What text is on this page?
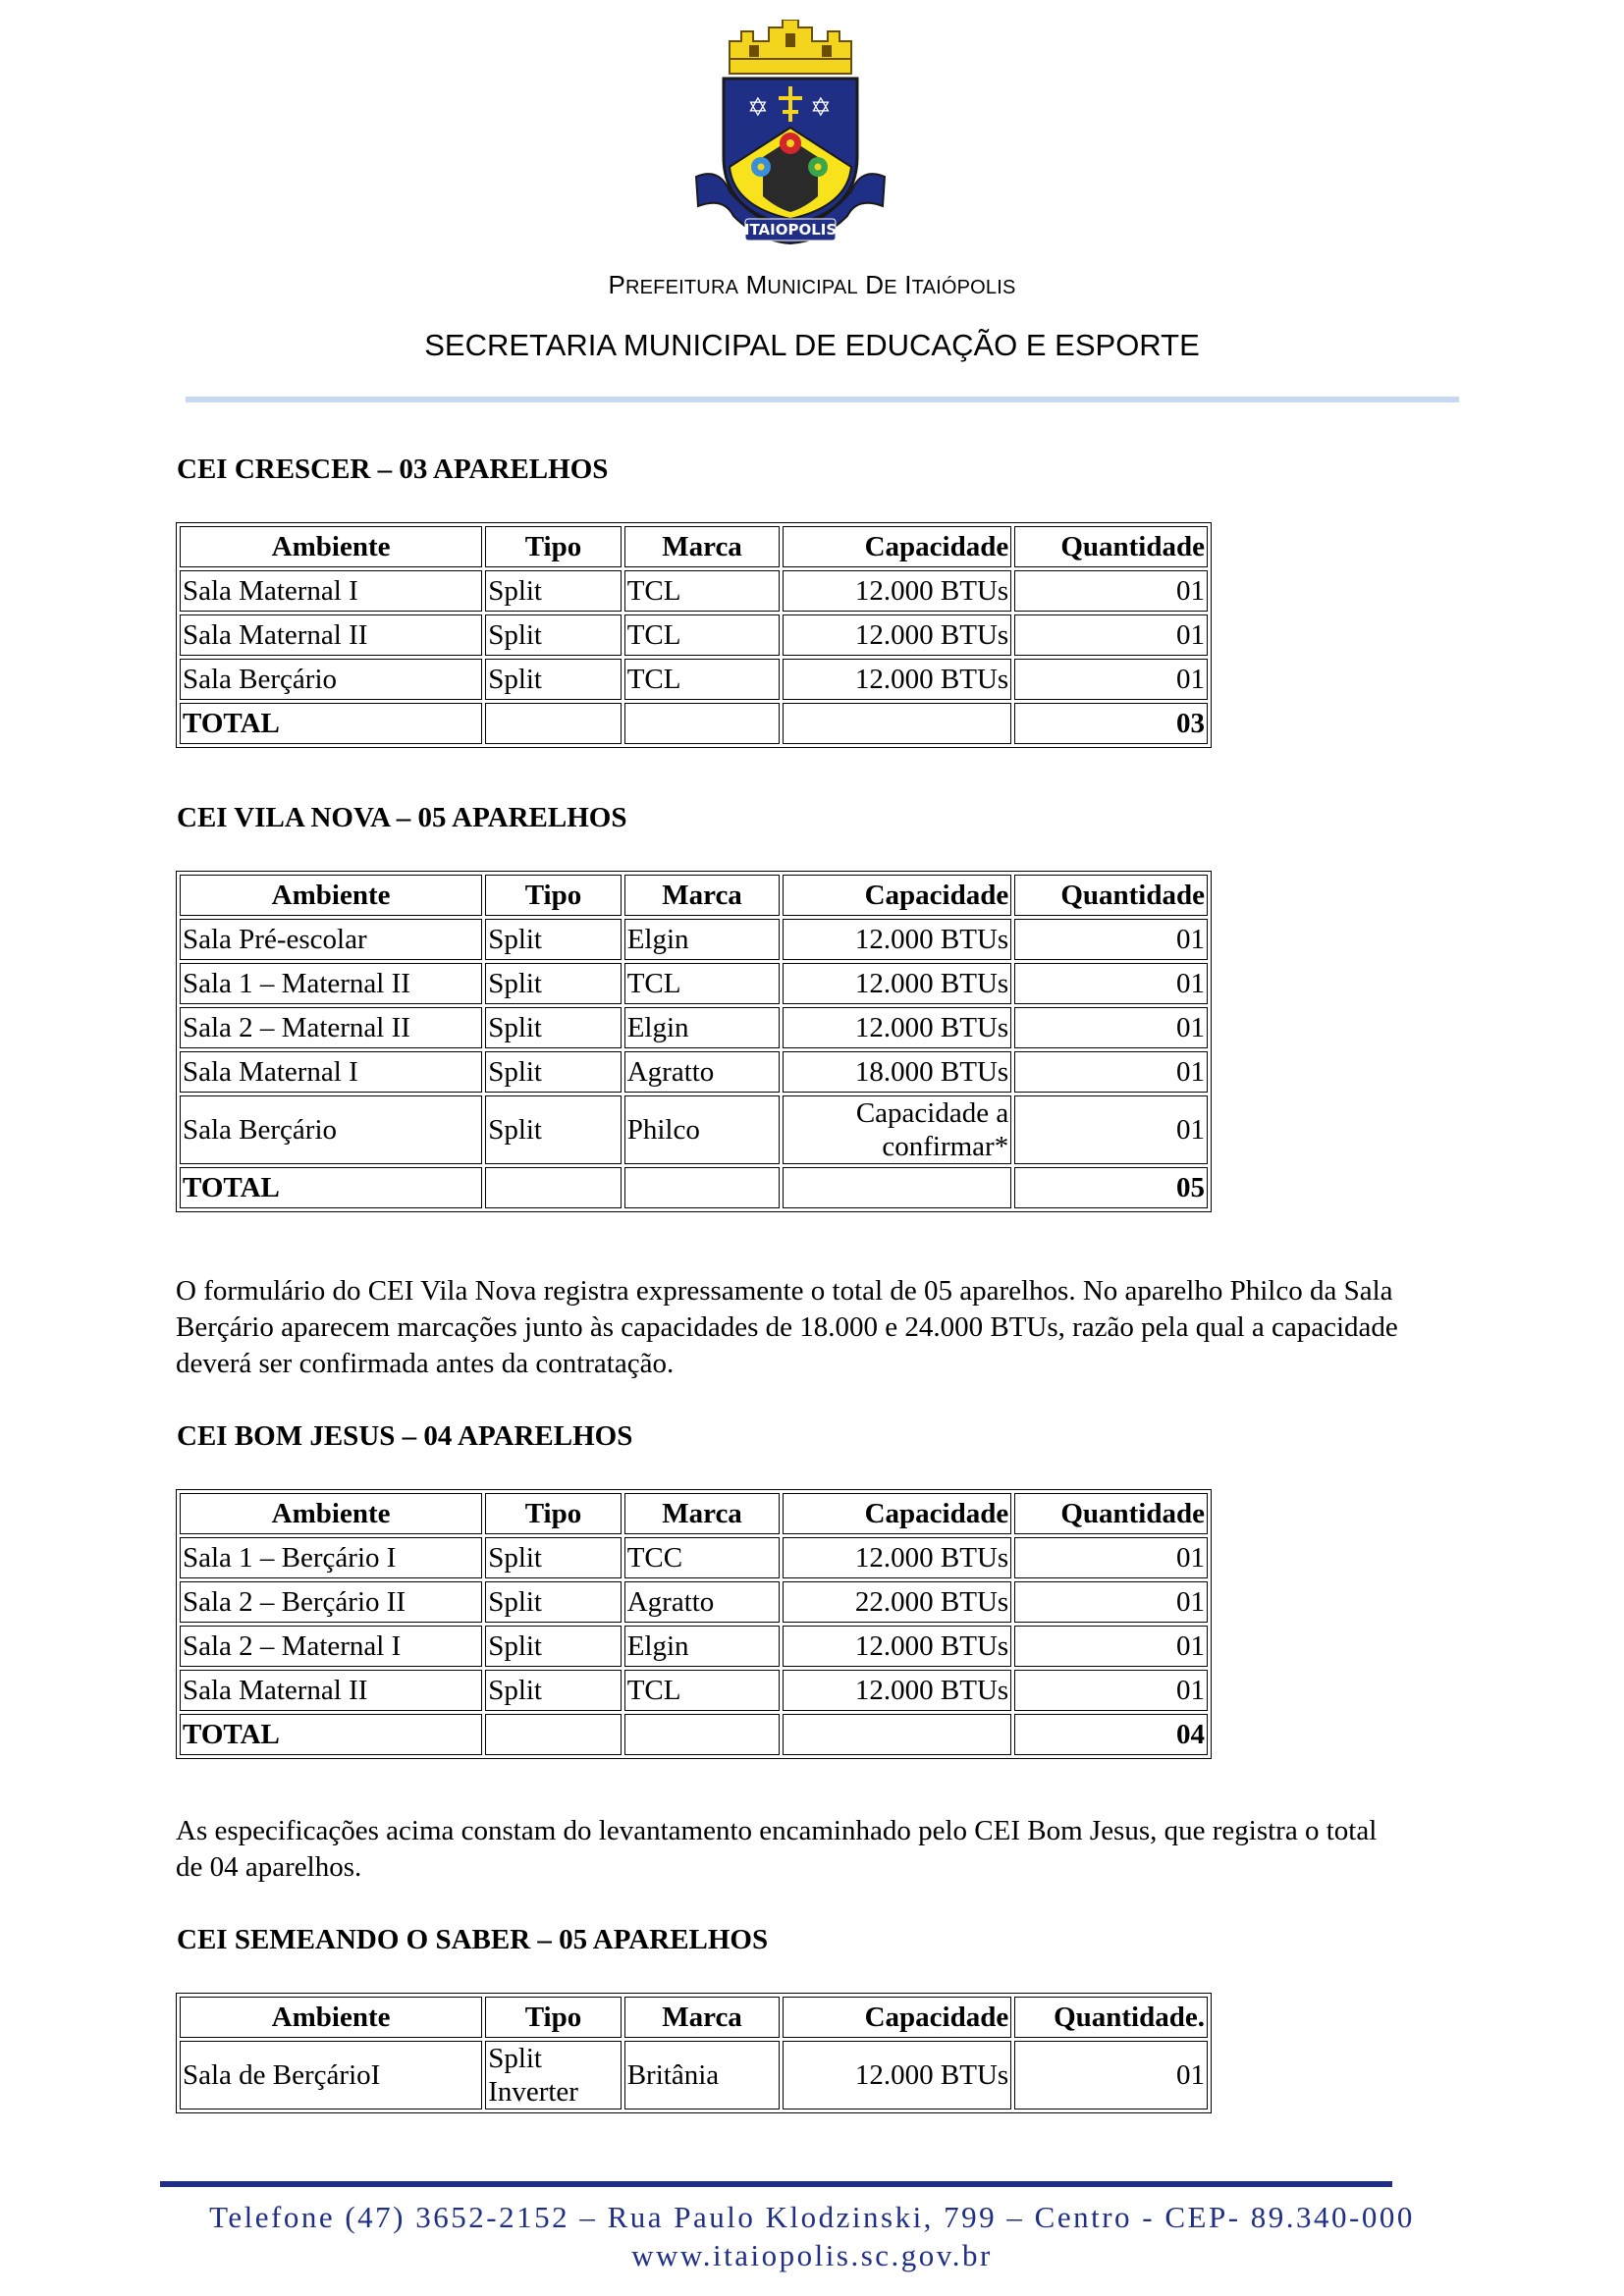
✡ ✡
ITAIOPOLIS
PREFEITURA MUNICIPAL DE ITAIÓPOLIS
SECRETARIA MUNICIPAL DE EDUCAÇÃO E ESPORTE
CEI CRESCER – 03 APARELHOS
Ambiente	Tipo	Marca	Capacidade	Quantidade
Sala Maternal I	Split	TCL	12.000 BTUs	01
Sala Maternal II	Split	TCL	12.000 BTUs	01
Sala Berçário	Split	TCL	12.000 BTUs	01
TOTAL				03
CEI VILA NOVA – 05 APARELHOS
Ambiente	Tipo	Marca	Capacidade	Quantidade
Sala Pré-escolar	Split	Elgin	12.000 BTUs	01
Sala 1 – Maternal II	Split	TCL	12.000 BTUs	01
Sala 2 – Maternal II	Split	Elgin	12.000 BTUs	01
Sala Maternal I	Split	Agratto	18.000 BTUs	01
Sala Berçário	Split	Philco	Capacidade a confirmar*	01
TOTAL				05
O formulário do CEI Vila Nova registra expressamente o total de 05 aparelhos. No aparelho Philco da Sala Berçário aparecem marcações junto às capacidades de 18.000 e 24.000 BTUs, razão pela qual a capacidade deverá ser confirmada antes da contratação.
CEI BOM JESUS – 04 APARELHOS
Ambiente	Tipo	Marca	Capacidade	Quantidade
Sala 1 – Berçário I	Split	TCC	12.000 BTUs	01
Sala 2 – Berçário II	Split	Agratto	22.000 BTUs	01
Sala 2 – Maternal I	Split	Elgin	12.000 BTUs	01
Sala Maternal II	Split	TCL	12.000 BTUs	01
TOTAL				04
As especificações acima constam do levantamento encaminhado pelo CEI Bom Jesus, que registra o total de 04 aparelhos.
CEI SEMEANDO O SABER – 05 APARELHOS
Ambiente	Tipo	Marca	Capacidade	Quantidade.
Sala de BerçárioI	Split Inverter	Britânia	12.000 BTUs	01
Telefone (47) 3652-2152 – Rua Paulo Klodzinski, 799 – Centro - CEP- 89.340-000
www.itaiopolis.sc.gov.br
